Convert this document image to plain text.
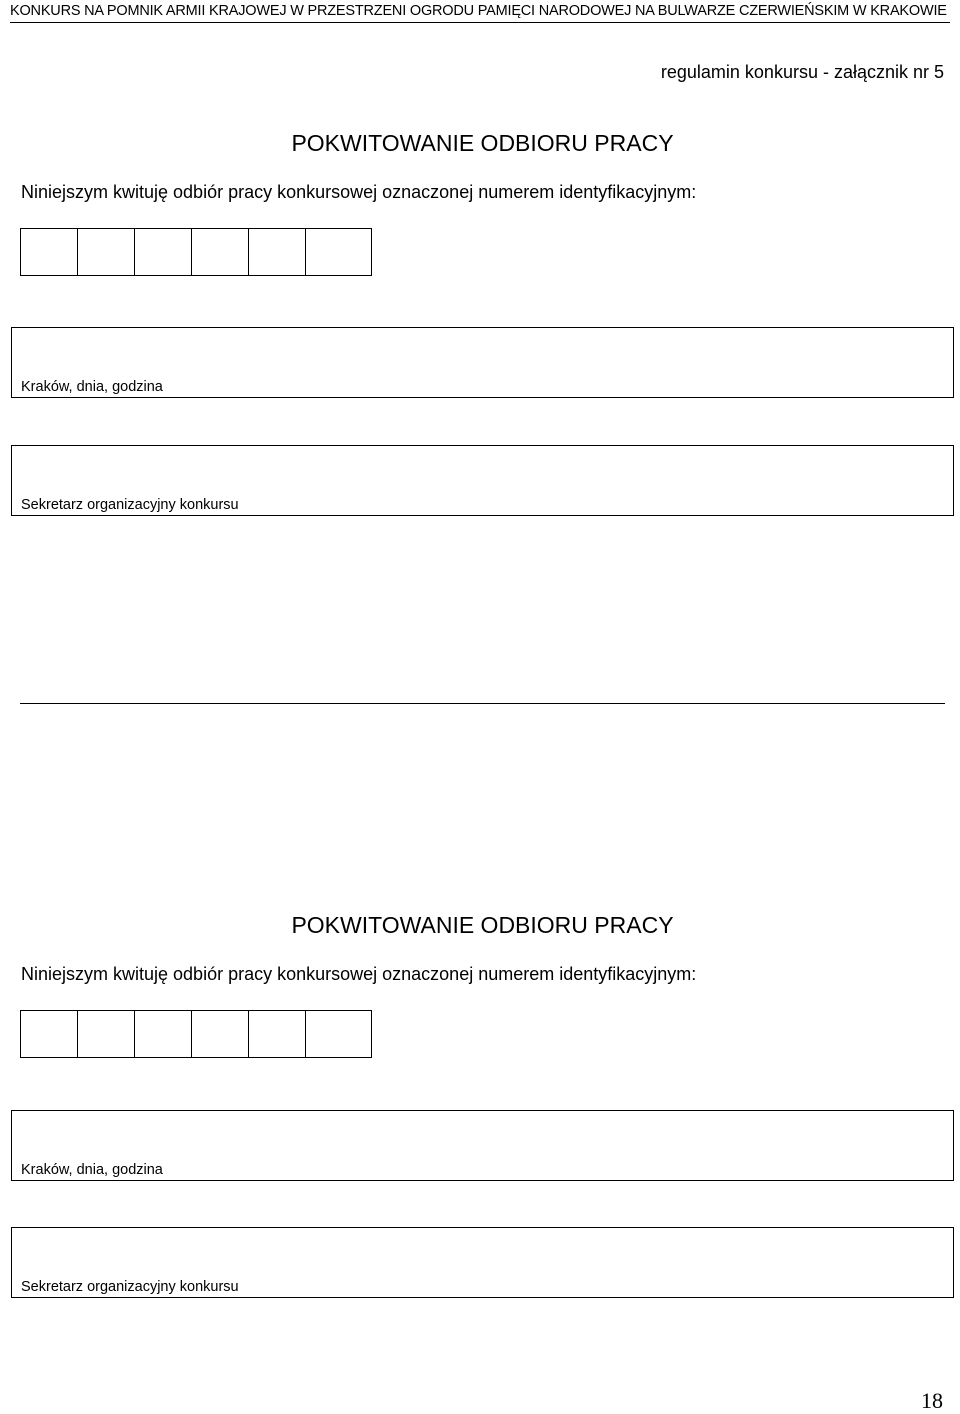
KONKURS NA POMNIK ARMII KRAJOWEJ W PRZESTRZENI OGRODU PAMIĘCI NARODOWEJ NA BULWARZE CZERWIEŃSKIM W KRAKOWIE
regulamin konkursu - załącznik nr 5
POKWITOWANIE ODBIORU PRACY
Niniejszym kwituję odbiór pracy konkursowej oznaczonej numerem identyfikacyjnym:
Kraków, dnia, godzina
Sekretarz organizacyjny konkursu
POKWITOWANIE ODBIORU PRACY
Niniejszym kwituję odbiór pracy konkursowej oznaczonej numerem identyfikacyjnym:
Kraków, dnia, godzina
Sekretarz organizacyjny konkursu
18
